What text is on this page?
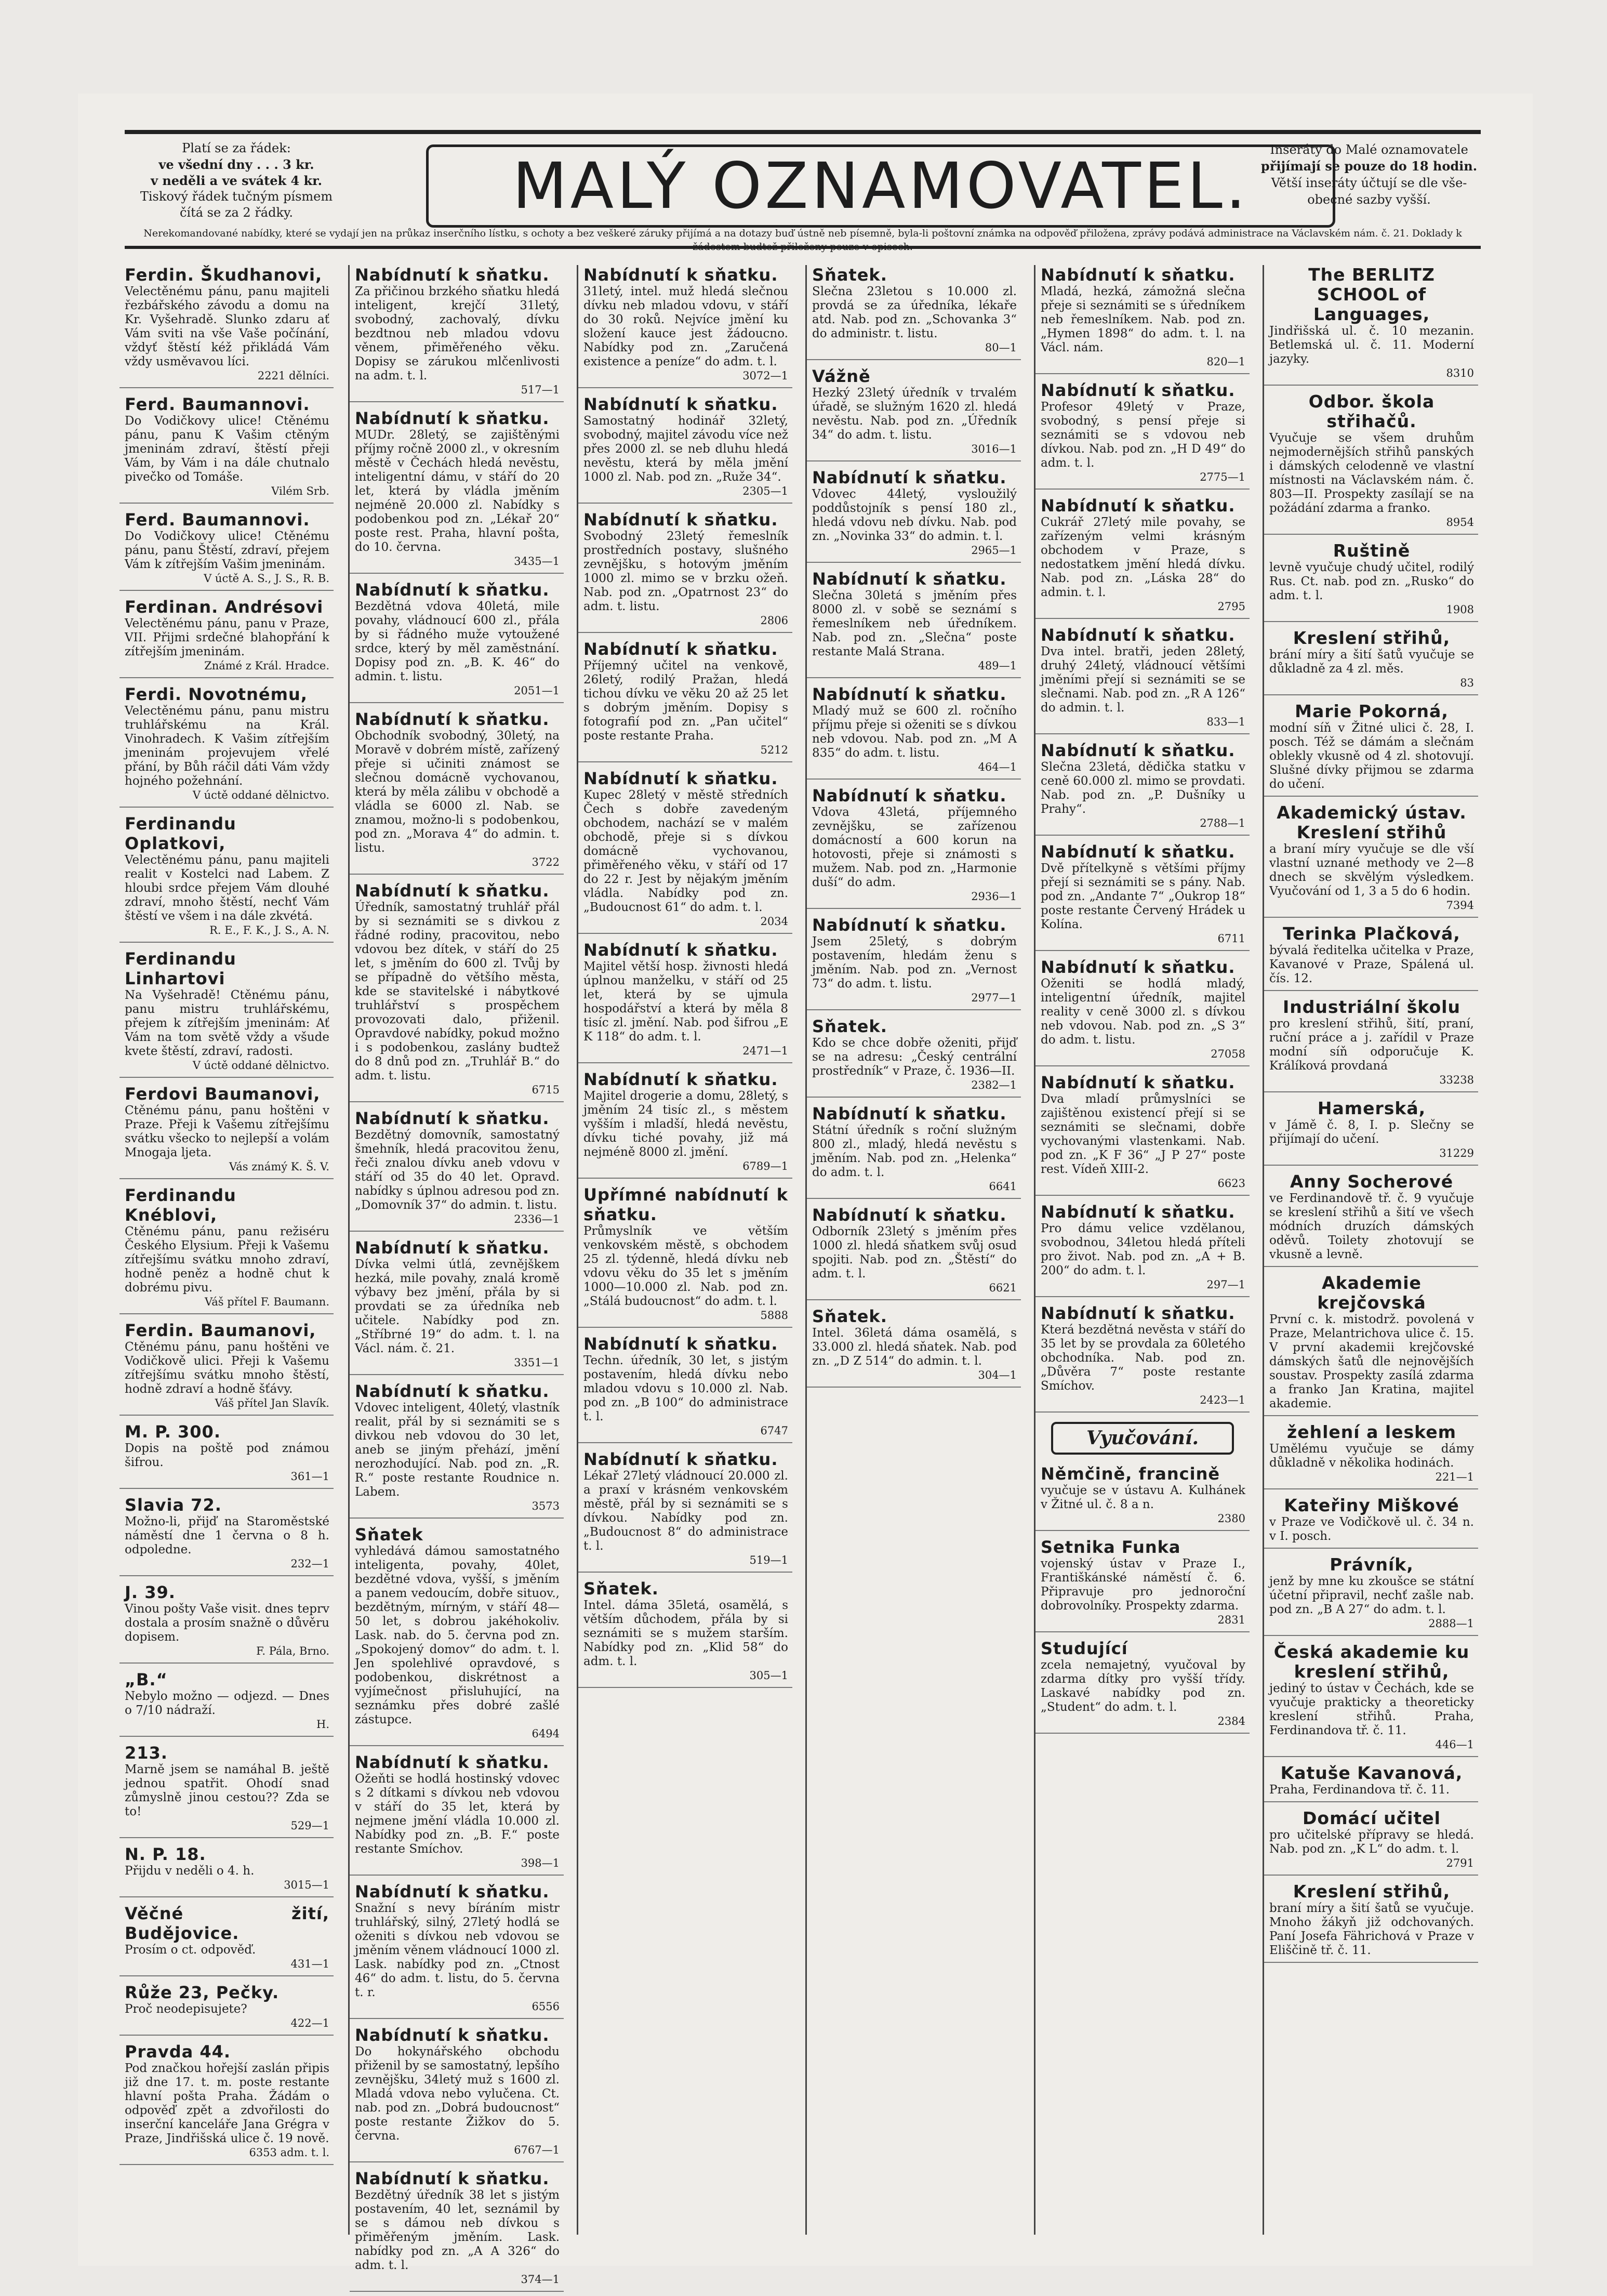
Platí se za řádek:
ve všední dny . . . 3 kr.
v neděli a ve svátek 4 kr.
Tiskový řádek tučným písmem
čítá se za 2 řádky.	MALÝ OZNAMOVATEL.	Inseráty do Malé oznamovatele
přijímají se pouze do 18 hodin.
Větší inseráty účtují se dle vše-
obecné sazby vyšší.
Nerekomandované nabídky, které se vydají jen na průkaz inserčního lístku, s ochoty a bez veškeré záruky přijímá a na dotazy buď ústně neb písemně, byla-li poštovní známka na odpověď přiložena, zprávy podává administrace na Václavském nám. č. 21. Doklady k žádostem budtež přiloženy pouze v opisech.
Ferdin. Škudhanovi,
Velectěnému pánu, panu majiteli řezbářského závodu a domu na Kr. Vyšehradě. Slunko zdaru ať Vám sviti na vše Vaše počínání, vždyť štěstí kéž přikládá Vám vždy usměvavou líci.
2221 dělníci.
Ferd. Baumannovi.
Do Vodičkovy ulice! Ctěnému pánu, panu K Vašim ctěným jmeninám zdraví, štěstí přeji Vám, by Vám i na dále chutnalo pivečko od Tomáše.
Vilém Srb.
Ferd. Baumannovi.
Do Vodičkovy ulice! Ctěnému pánu, panu Štěstí, zdraví, přejem Vám k zítřejším Vašim jmeninám.
V úctě A. S., J. S., R. B.
Ferdinan. Andrésovi
Velectěnému pánu, panu v Praze, VII. Přijmi srdečné blahopřání k zítřejším jmeninám.
Známé z Král. Hradce.
Ferdi. Novotnému,
Velectěnému pánu, panu mistru truhlářskému na Král. Vinohradech. K Vašim zítřejším jmeninám projevujem vřelé přání, by Bůh ráčil dáti Vám vždy hojného požehnání.
V úctě oddané dělnictvo.
Ferdinandu Oplatkovi,
Velectěnému pánu, panu majiteli realit v Kostelci nad Labem. Z hloubi srdce přejem Vám dlouhé zdraví, mnoho štěstí, nechť Vám štěstí ve všem i na dále zkvétá.
R. E., F. K., J. S., A. N.
Ferdinandu Linhartovi
Na Vyšehradě! Ctěnému pánu, panu mistru truhlářskému, přejem k zítřejším jmeninám: Ať Vám na tom světě vždy a všude kvete štěstí, zdraví, radosti.
V úctě oddané dělnictvo.
Ferdovi Baumanovi,
Ctěnému pánu, panu hoštěni v Praze. Přeji k Vašemu zítřejšímu svátku všecko to nejlepší a volám Mnogaja ljeta.
Vás známý K. Š. V.
Ferdinandu Knéblovi,
Ctěnému pánu, panu režiséru Českého Elysium. Přeji k Vašemu zítřejšímu svátku mnoho zdraví, hodně peněz a hodně chut k dobrému pivu.
Váš přítel F. Baumann.
Ferdin. Baumanovi,
Ctěnému pánu, panu hoštěni ve Vodičkově ulici. Přeji k Vašemu zítřejšímu svátku mnoho štěstí, hodně zdraví a hodně šťávy.
Váš přítel Jan Slavík.
M. P. 300.
Dopis na poště pod známou šifrou.
361—1
Slavia 72.
Možno-li, přijď na Staroměstské náměstí dne 1 června o 8 h. odpoledne.
232—1
J. 39.
Vinou pošty Vaše visit. dnes teprv dostala a prosím snažně o důvěru dopisem.
F. Pála, Brno.
„B.“
Nebylo možno — odjezd. — Dnes o 7/10 nádraží.
H.
213.
Marně jsem se namáhal B. ještě jednou spatřit. Ohodí snad zůmyslně jinou cestou?? Zda se to!
529—1
N. P. 18.
Přijdu v neděli o 4. h.
3015—1
Věčné žití, Budějovice.
Prosím o ct. odpověď.
431—1
Růže 23, Pečky.
Proč neodepisujete?
422—1
Pravda 44.
Pod značkou hořejší zaslán připis již dne 17. t. m. poste restante hlavní pošta Praha. Žádám o odpověď zpět a zdvořilosti do inserční kanceláře Jana Grégra v Praze, Jindřišská ulice č. 19 nově.
6353 adm. t. l.
Nabídnutí k sňatku.
Za přičinou brzkého sňatku hledá inteligent, krejčí 31letý, svobodný, zachovalý, dívku bezdtnou neb mladou vdovu věnem, přiměřeného věku. Dopisy se zárukou mlčenlivosti na adm. t. l.
517—1
Nabídnutí k sňatku.
MUDr. 28letý, se zajištěnými příjmy ročně 2000 zl., v okresním městě v Čechách hledá nevěstu, inteligentní dámu, v stáří do 20 let, která by vládla jměním nejméně 20.000 zl. Nabídky s podobenkou pod zn. „Lékař 20“ poste rest. Praha, hlavní pošta, do 10. června.
3435—1
Nabídnutí k sňatku.
Bezdětná vdova 40letá, mile povahy, vládnoucí 600 zl., přála by si řádného muže vytoužené srdce, který by měl zaměstnání. Dopisy pod zn. „B. K. 46“ do admin. t. listu.
2051—1
Nabídnutí k sňatku.
Obchodník svobodný, 30letý, na Moravě v dobrém místě, zařízený přeje si učiniti známost se slečnou domácně vychovanou, která by měla zálibu v obchodě a vládla se 6000 zl. Nab. se znamou, možno-li s podobenkou, pod zn. „Morava 4“ do admin. t. listu.
3722
Nabídnutí k sňatku.
Úředník, samostatný truhlář přál by si seznámiti se s divkou z řádné rodiny, pracovitou, nebo vdovou bez dítek, v stáří do 25 let, s jměním do 600 zl. Tvůj by se případně do většího města, kde se stavitelské i nábytkové truhlářství s prospěchem provozovati dalo, přiženil. Opravdové nabídky, pokud možno i s podobenkou, zaslány budtež do 8 dnů pod zn. „Truhlář B.“ do adm. t. listu.
6715
Nabídnutí k sňatku.
Bezdětný domovník, samostatný šmehník, hledá pracovitou ženu, řeči znalou dívku aneb vdovu v stáří od 35 do 40 let. Opravd. nabídky s úplnou adresou pod zn. „Domovník 37“ do admin. t. listu.
2336—1
Nabídnutí k sňatku.
Dívka velmi útlá, zevnějškem hezká, mile povahy, znalá kromě výbavy bez jmění, přála by si provdati se za úředníka neb učitele. Nabídky pod zn. „Stříbrné 19“ do adm. t. l. na Václ. nám. č. 21.
3351—1
Nabídnutí k sňatku.
Vdovec inteligent, 40letý, vlastník realit, přál by si seznámiti se s divkou neb vdovou do 30 let, aneb se jiným přehází, jmění nerozhodující. Nab. pod zn. „R. R.“ poste restante Roudnice n. Labem.
3573
Sňatek
vyhledává dámou samostatného inteligenta, povahy, 40let, bezdětné vdova, vyšší, s jměním a panem vedoucím, dobře situov., bezdětným, mírným, v stáří 48—50 let, s dobrou jakéhokoliv. Lask. nab. do 5. června pod zn. „Spokojený domov“ do adm. t. l. Jen spolehlivé opravdové, s podobenkou, diskrétnost a vyjímečnost přisluhující, na seznámku přes dobré zašlé zástupce.
6494
Nabídnutí k sňatku.
Ožeňti se hodlá hostinský vdovec s 2 dítkami s dívkou neb vdovou v stáří do 35 let, která by nejmene jmění vládla 10.000 zl. Nabídky pod zn. „B. F.“ poste restante Smíchov.
398—1
Nabídnutí k sňatku.
Snažní s nevy bíráním mistr truhlářský, silný, 27letý hodlá se oženiti s dívkou neb vdovou se jměním věnem vládnoucí 1000 zl. Lask. nabídky pod zn. „Ctnost 46“ do adm. t. listu, do 5. června t. r.
6556
Nabídnutí k sňatku.
Do hokynářského obchodu přiženil by se samostatný, lepšího zevnějšku, 34letý muž s 1600 zl. Mladá vdova nebo vylučena. Ct. nab. pod zn. „Dobrá budoucnost“ poste restante Žižkov do 5. června.
6767—1
Nabídnutí k sňatku.
Bezdětný úředník 38 let s jistým postavením, 40 let, seznámil by se s dámou neb dívkou s přiměřeným jměním. Lask. nabídky pod zn. „A A 326“ do adm. t. l.
374—1
Nabídnutí k sňatku.
31letý, intel. muž hledá slečnou dívku neb mladou vdovu, v stáří do 30 roků. Nejvíce jmění ku složení kauce jest žádoucno. Nabídky pod zn. „Zaručená existence a peníze“ do adm. t. l.
3072—1
Nabídnutí k sňatku.
Samostatný hodinář 32letý, svobodný, majitel závodu více než přes 2000 zl. se neb dluhu hledá nevěstu, která by měla jmění 1000 zl. Nab. pod zn. „Ruže 34“.
2305—1
Nabídnutí k sňatku.
Svobodný 23letý řemeslník prostředních postavy, slušného zevnějšku, s hotovým jměním 1000 zl. mimo se v brzku ožeň. Nab. pod zn. „Opatrnost 23“ do adm. t. listu.
2806
Nabídnutí k sňatku.
Příjemný učitel na venkově, 26letý, rodilý Pražan, hledá tichou dívku ve věku 20 až 25 let s dobrým jměním. Dopisy s fotografií pod zn. „Pan učitel“ poste restante Praha.
5212
Nabídnutí k sňatku.
Kupec 28letý v městě středních Čech s dobře zavedeným obchodem, nachází se v malém obchodě, přeje si s dívkou domácně vychovanou, přiměřeného věku, v stáří od 17 do 22 r. Jest by nějakým jměním vládla. Nabídky pod zn. „Budoucnost 61“ do adm. t. l.
2034
Nabídnutí k sňatku.
Majitel větší hosp. živnosti hledá úplnou manželku, v stáří od 25 let, která by se ujmula hospodářství a která by měla 8 tisíc zl. jmění. Nab. pod šifrou „E K 118“ do adm. t. l.
2471—1
Nabídnutí k sňatku.
Majitel drogerie a domu, 28letý, s jměním 24 tisíc zl., s městem vyšším i mladší, hledá nevěstu, dívku tiché povahy, již má nejméně 8000 zl. jmění.
6789—1
Upřímné nabídnutí k sňatku.
Průmyslník ve větším venkovském městě, s obchodem 25 zl. týdenně, hledá dívku neb vdovu věku do 35 let s jměním 1000—10.000 zl. Nab. pod zn. „Stálá budoucnost“ do adm. t. l.
5888
Nabídnutí k sňatku.
Techn. úředník, 30 let, s jistým postavením, hledá dívku nebo mladou vdovu s 10.000 zl. Nab. pod zn. „B 100“ do administrace t. l.
6747
Nabídnutí k sňatku.
Lékař 27letý vládnoucí 20.000 zl. a praxí v krásném venkovském městě, přál by si seznámiti se s dívkou. Nabídky pod zn. „Budoucnost 8“ do administrace t. l.
519—1
Sňatek.
Intel. dáma 35letá, osamělá, s větším důchodem, přála by si seznámiti se s mužem starším. Nabídky pod zn. „Klid 58“ do adm. t. l.
305—1
Sňatek.
Slečna 23letou s 10.000 zl. provdá se za úředníka, lékaře atd. Nab. pod zn. „Schovanka 3“ do administr. t. listu.
80—1
Vážně
Hezký 23letý úředník v trvalém úřadě, se služným 1620 zl. hledá nevěstu. Nab. pod zn. „Úředník 34“ do adm. t. listu.
3016—1
Nabídnutí k sňatku.
Vdovec 44letý, vysloužilý poddůstojník s pensí 180 zl., hledá vdovu neb dívku. Nab. pod zn. „Novinka 33“ do admin. t. l.
2965—1
Nabídnutí k sňatku.
Slečna 30letá s jměním přes 8000 zl. v sobě se seznámí s řemeslníkem neb úředníkem. Nab. pod zn. „Slečna“ poste restante Malá Strana.
489—1
Nabídnutí k sňatku.
Mladý muž se 600 zl. ročního příjmu přeje si oženiti se s dívkou neb vdovou. Nab. pod zn. „M A 835“ do adm. t. listu.
464—1
Nabídnutí k sňatku.
Vdova 43letá, příjemného zevnějšku, se zařízenou domácností a 600 korun na hotovosti, přeje si známosti s mužem. Nab. pod zn. „Harmonie duší“ do adm.
2936—1
Nabídnutí k sňatku.
Jsem 25letý, s dobrým postavením, hledám ženu s jměním. Nab. pod zn. „Vernost 73“ do adm. t. listu.
2977—1
Sňatek.
Kdo se chce dobře oženiti, přijď se na adresu: „Český centrální prostředník“ v Praze, č. 1936—II.
2382—1
Nabídnutí k sňatku.
Státní úředník s roční služným 800 zl., mladý, hledá nevěstu s jměním. Nab. pod zn. „Helenka“ do adm. t. l.
6641
Nabídnutí k sňatku.
Odborník 23letý s jměním přes 1000 zl. hledá sňatkem svůj osud spojiti. Nab. pod zn. „Štěstí“ do adm. t. l.
6621
Sňatek.
Intel. 36letá dáma osamělá, s 33.000 zl. hledá sňatek. Nab. pod zn. „D Z 514“ do admin. t. l.
304—1
Nabídnutí k sňatku.
Mladá, hezká, zámožná slečna přeje si seznámiti se s úředníkem neb řemeslníkem. Nab. pod zn. „Hymen 1898“ do adm. t. l. na Václ. nám.
820—1
Nabídnutí k sňatku.
Profesor 49letý v Praze, svobodný, s pensí přeje si seznámiti se s vdovou neb dívkou. Nab. pod zn. „H D 49“ do adm. t. l.
2775—1
Nabídnutí k sňatku.
Cukrář 27letý mile povahy, se zařízeným velmi krásným obchodem v Praze, s nedostatkem jmění hledá dívku. Nab. pod zn. „Láska 28“ do admin. t. l.
2795
Nabídnutí k sňatku.
Dva intel. bratři, jeden 28letý, druhý 24letý, vládnoucí většími jměními přejí si seznámiti se se slečnami. Nab. pod zn. „R A 126“ do admin. t. l.
833—1
Nabídnutí k sňatku.
Slečna 23letá, dědička statku v ceně 60.000 zl. mimo se provdati. Nab. pod zn. „P. Dušníky u Prahy“.
2788—1
Nabídnutí k sňatku.
Dvě přítelkyně s většími příjmy přejí si seznámiti se s pány. Nab. pod zn. „Andante 7“ „Oukrop 18“ poste restante Červený Hrádek u Kolína.
6711
Nabídnutí k sňatku.
Oženiti se hodlá mladý, inteligentní úředník, majitel reality v ceně 3000 zl. s dívkou neb vdovou. Nab. pod zn. „S 3“ do adm. t. listu.
27058
Nabídnutí k sňatku.
Dva mladí průmyslníci se zajištěnou existencí přejí si se seznámiti se slečnami, dobře vychovanými vlastenkami. Nab. pod zn. „K F 36“ „J P 27“ poste rest. Vídeň XIII-2.
6623
Nabídnutí k sňatku.
Pro dámu velice vzdělanou, svobodnou, 34letou hledá příteli pro život. Nab. pod zn. „A + B. 200“ do adm. t. l.
297—1
Nabídnutí k sňatku.
Která bezdětná nevěsta v stáří do 35 let by se provdala za 60letého obchodníka. Nab. pod zn. „Důvěra 7“ poste restante Smíchov.
2423—1
Vyučování.
Němčině, francině
vyučuje se v ústavu A. Kulhánek v Žitné ul. č. 8 a n.
2380
Setnika Funka
vojenský ústav v Praze I., Františkánské náměstí č. 6. Připravuje pro jednoroční dobrovolníky. Prospekty zdarma.
2831
Studující
zcela nemajetný, vyučoval by zdarma dítky pro vyšší třídy. Laskavé nabídky pod zn. „Student“ do adm. t. l.
2384
The BERLITZ SCHOOL of Languages,
Jindřišská ul. č. 10 mezanin. Betlemská ul. č. 11. Moderní jazyky.
8310
Odbor. škola střihačů.
Vyučuje se všem druhům nejmodernějších střihů panských i dámských celodenně ve vlastní místnosti na Václavském nám. č. 803—II. Prospekty zasílají se na požádání zdarma a franko.
8954
Ruštině
levně vyučuje chudý učitel, rodilý Rus. Ct. nab. pod zn. „Rusko“ do adm. t. l.
1908
Kreslení střihů,
brání míry a šití šatů vyučuje se důkladně za 4 zl. měs.
83
Marie Pokorná,
modní síň v Žitné ulici č. 28, I. posch. Též se dámám a slečnám oblekly vkusně od 4 zl. shotovují. Slušné dívky přijmou se zdarma do učení.
Akademický ústav. Kreslení střihů
a braní míry vyučuje se dle vší vlastní uznané methody ve 2—8 dnech se skvělým výsledkem. Vyučování od 1, 3 a 5 do 6 hodin.
7394
Terinka Plačková,
bývalá ředitelka učitelka v Praze, Kavanové v Praze, Spálená ul. čís. 12.
Industriální školu
pro kreslení střihů, šití, praní, ruční práce a j. zařídil v Praze modní síň odporučuje K. Králíková provdaná
33238
Hamerská,
v Jámě č. 8, I. p. Slečny se přijímají do učení.
31229
Anny Socherové
ve Ferdinandově tř. č. 9 vyučuje se kreslení střihů a šití ve všech módních druzích dámských oděvů. Toilety zhotovují se vkusně a levně.
Akademie krejčovská
První c. k. mistodrž. povolená v Praze, Melantrichova ulice č. 15. V první akademii krejčovské dámských šatů dle nejnovějších soustav. Prospekty zasílá zdarma a franko Jan Kratina, majitel akademie.
žehlení a leskem
Umělému vyučuje se dámy důkladně v několika hodinách.
221—1
Kateřiny Miškové
v Praze ve Vodičkově ul. č. 34 n. v I. posch.
Právník,
jenž by mne ku zkoušce se státní účetní připravil, nechť zašle nab. pod zn. „B A 27“ do adm. t. l.
2888—1
Česká akademie ku kreslení střihů,
jediný to ústav v Čechách, kde se vyučuje prakticky a theoreticky kreslení střihů. Praha, Ferdinandova tř. č. 11.
446—1
Katuše Kavanová,
Praha, Ferdinandova tř. č. 11.
Domácí učitel
pro učitelské přípravy se hledá. Nab. pod zn. „K L“ do adm. t. l.
2791
Kreslení střihů,
braní míry a šití šatů se vyučuje. Mnoho žákyň již odchovaných. Paní Josefa Fährichová v Praze v Eliščině tř. č. 11.
